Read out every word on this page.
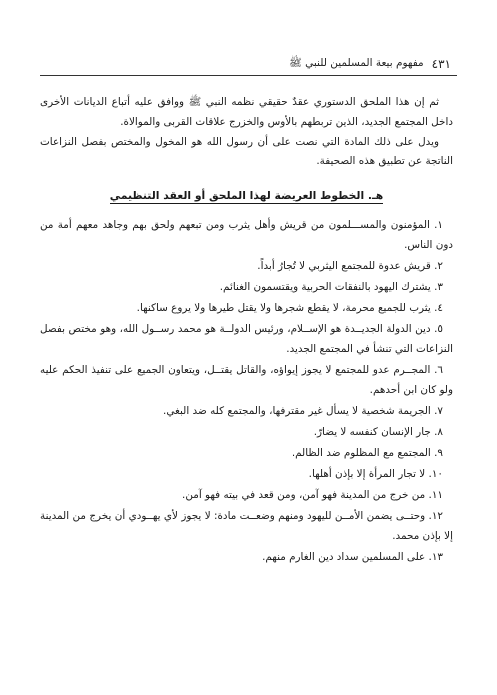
٤٣١
مفهوم بيعة المسلمين للنبي ﷺ

ثم إن هذا الملحق الدستوري عقدٌ حقيقي نظمه النبي ﷺ ووافق عليه أتباع الديانات الأخرى داخل المجتمع الجديد، الذين تربطهم بالأوس والخزرج علاقات القربى والموالاة.

ويدل على ذلك المادة التي نصت على أن رسول الله هو المخول والمختص بفصل النزاعات الناتجة عن تطبيق هذه الصحيفة.

هـ. الخطوط العريضة لهذا الملحق أو العقد التنظيمي
١. المؤمنون والمســـلمون من قريش وأهل يثرب ومن تبعهم ولحق بهم وجاهد معهم أمة من دون الناس.
٢. قريش عدوة للمجتمع اليثربي لا تُجارُ أبداً.
٣. يشترك اليهود بالنفقات الحربية ويقتسمون الغنائم.
٤. يثرب للجميع محرمة، لا يقطع شجرها ولا يقتل طيرها ولا يروع ساكنها.
٥. دين الدولة الجديــدة هو الإســلام، ورئيس الدولــة هو محمد رســول الله، وهو مختص بفصل النزاعات التي تنشأ في المجتمع الجديد.
٦. المجــرم عدو للمجتمع لا يجوز إيواؤه، والقاتل يقتــل، ويتعاون الجميع على تنفيذ الحكم عليه ولو كان ابن أحدهم.
٧. الجريمة شخصية لا يسأل غير مقترفها، والمجتمع كله ضد البغي.
٨. جار الإنسان كنفسه لا يضارّ.
٩. المجتمع مع المظلوم ضد الظالم.
١٠. لا تجار المرأة إلا بإذن أهلها.
١١. من خرج من المدينة فهو آمن، ومن قعد في بيته فهو آمن.
١٢. وحتــى يضمن الأمــن لليهود ومنهم وضعــت مادة: لا يجوز لأي يهــودي أن يخرج من المدينة إلا بإذن محمد.
١٣. على المسلمين سداد دين الغارم منهم.
